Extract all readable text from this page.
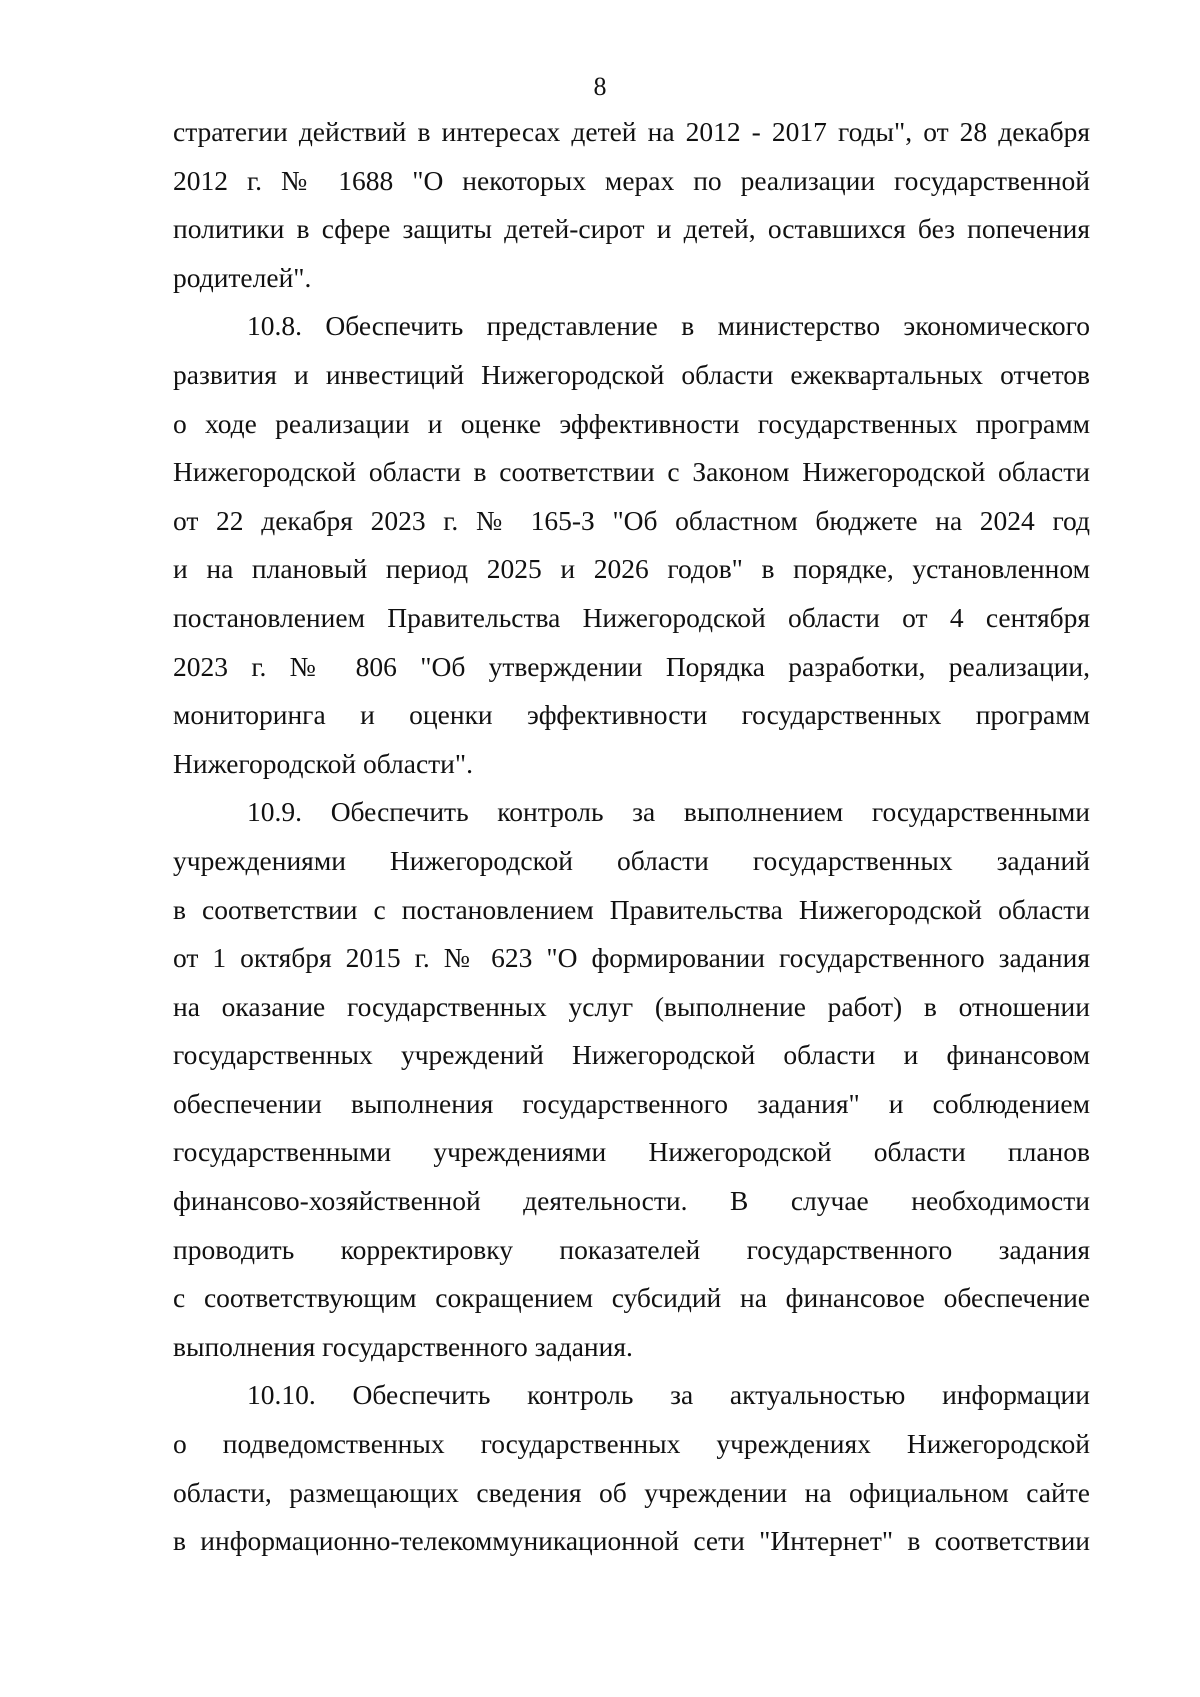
8
стратегии действий в интересах детей на 2012 - 2017 годы", от 28 декабря
2012 г. № 1688 "О некоторых мерах по реализации государственной
политики в сфере защиты детей-сирот и детей, оставшихся без попечения
родителей".
10.8. Обеспечить представление в министерство экономического
развития и инвестиций Нижегородской области ежеквартальных отчетов
о ходе реализации и оценке эффективности государственных программ
Нижегородской области в соответствии с Законом Нижегородской области
от 22 декабря 2023 г. № 165-З "Об областном бюджете на 2024 год
и на плановый период 2025 и 2026 годов" в порядке, установленном
постановлением Правительства Нижегородской области от 4 сентября
2023 г. № 806 "Об утверждении Порядка разработки, реализации,
мониторинга и оценки эффективности государственных программ
Нижегородской области".
10.9. Обеспечить контроль за выполнением государственными
учреждениями Нижегородской области государственных заданий
в соответствии с постановлением Правительства Нижегородской области
от 1 октября 2015 г. № 623 "О формировании государственного задания
на оказание государственных услуг (выполнение работ) в отношении
государственных учреждений Нижегородской области и финансовом
обеспечении выполнения государственного задания" и соблюдением
государственными учреждениями Нижегородской области планов
финансово-хозяйственной деятельности. В случае необходимости
проводить корректировку показателей государственного задания
с соответствующим сокращением субсидий на финансовое обеспечение
выполнения государственного задания.
10.10. Обеспечить контроль за актуальностью информации
о подведомственных государственных учреждениях Нижегородской
области, размещающих сведения об учреждении на официальном сайте
в информационно-телекоммуникационной сети "Интернет" в соответствии
